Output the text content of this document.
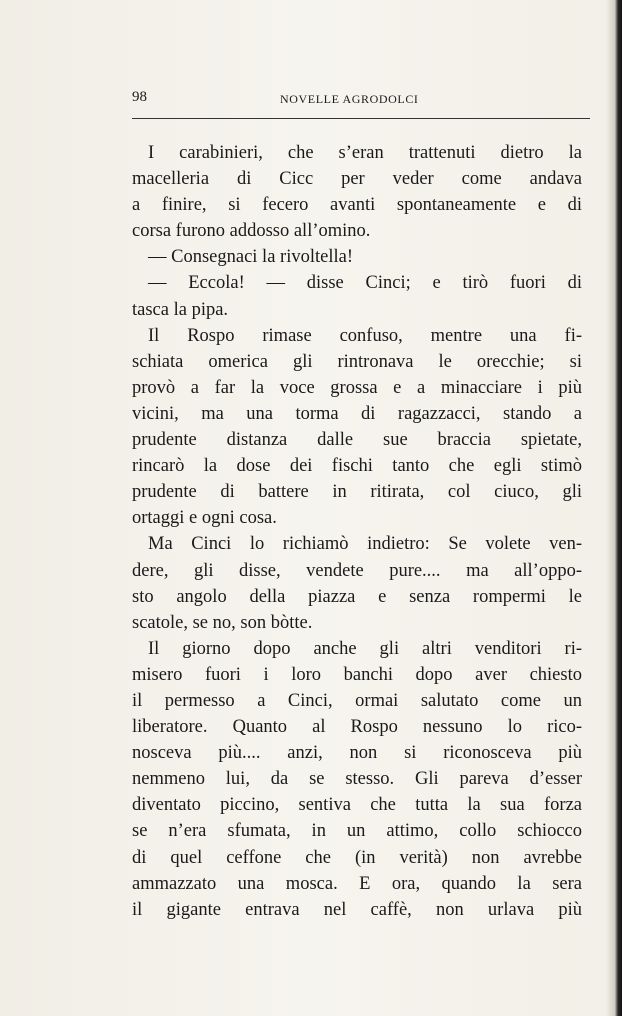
98	NOVELLE AGRODOLCI
I carabinieri, che s’eran trattenuti dietro la
macelleria di Cicc per veder come andava
a finire, si fecero avanti spontaneamente e di
corsa furono addosso all’omino.
— Consegnaci la rivoltella!
— Eccola! — disse Cinci; e tirò fuori di
tasca la pipa.
Il Rospo rimase confuso, mentre una fi-
schiata omerica gli rintronava le orecchie; si
provò a far la voce grossa e a minacciare i più
vicini, ma una torma di ragazzacci, stando a
prudente distanza dalle sue braccia spietate,
rincarò la dose dei fischi tanto che egli stimò
prudente di battere in ritirata, col ciuco, gli
ortaggi e ogni cosa.
Ma Cinci lo richiamò indietro: Se volete ven-
dere, gli disse, vendete pure.... ma all’oppo-
sto angolo della piazza e senza rompermi le
scatole, se no, son bòtte.
Il giorno dopo anche gli altri venditori ri-
misero fuori i loro banchi dopo aver chiesto
il permesso a Cinci, ormai salutato come un
liberatore. Quanto al Rospo nessuno lo rico-
nosceva più.... anzi, non si riconosceva più
nemmeno lui, da se stesso. Gli pareva d’esser
diventato piccino, sentiva che tutta la sua forza
se n’era sfumata, in un attimo, collo schiocco
di quel ceffone che (in verità) non avrebbe
ammazzato una mosca. E ora, quando la sera
il gigante entrava nel caffè, non urlava più
